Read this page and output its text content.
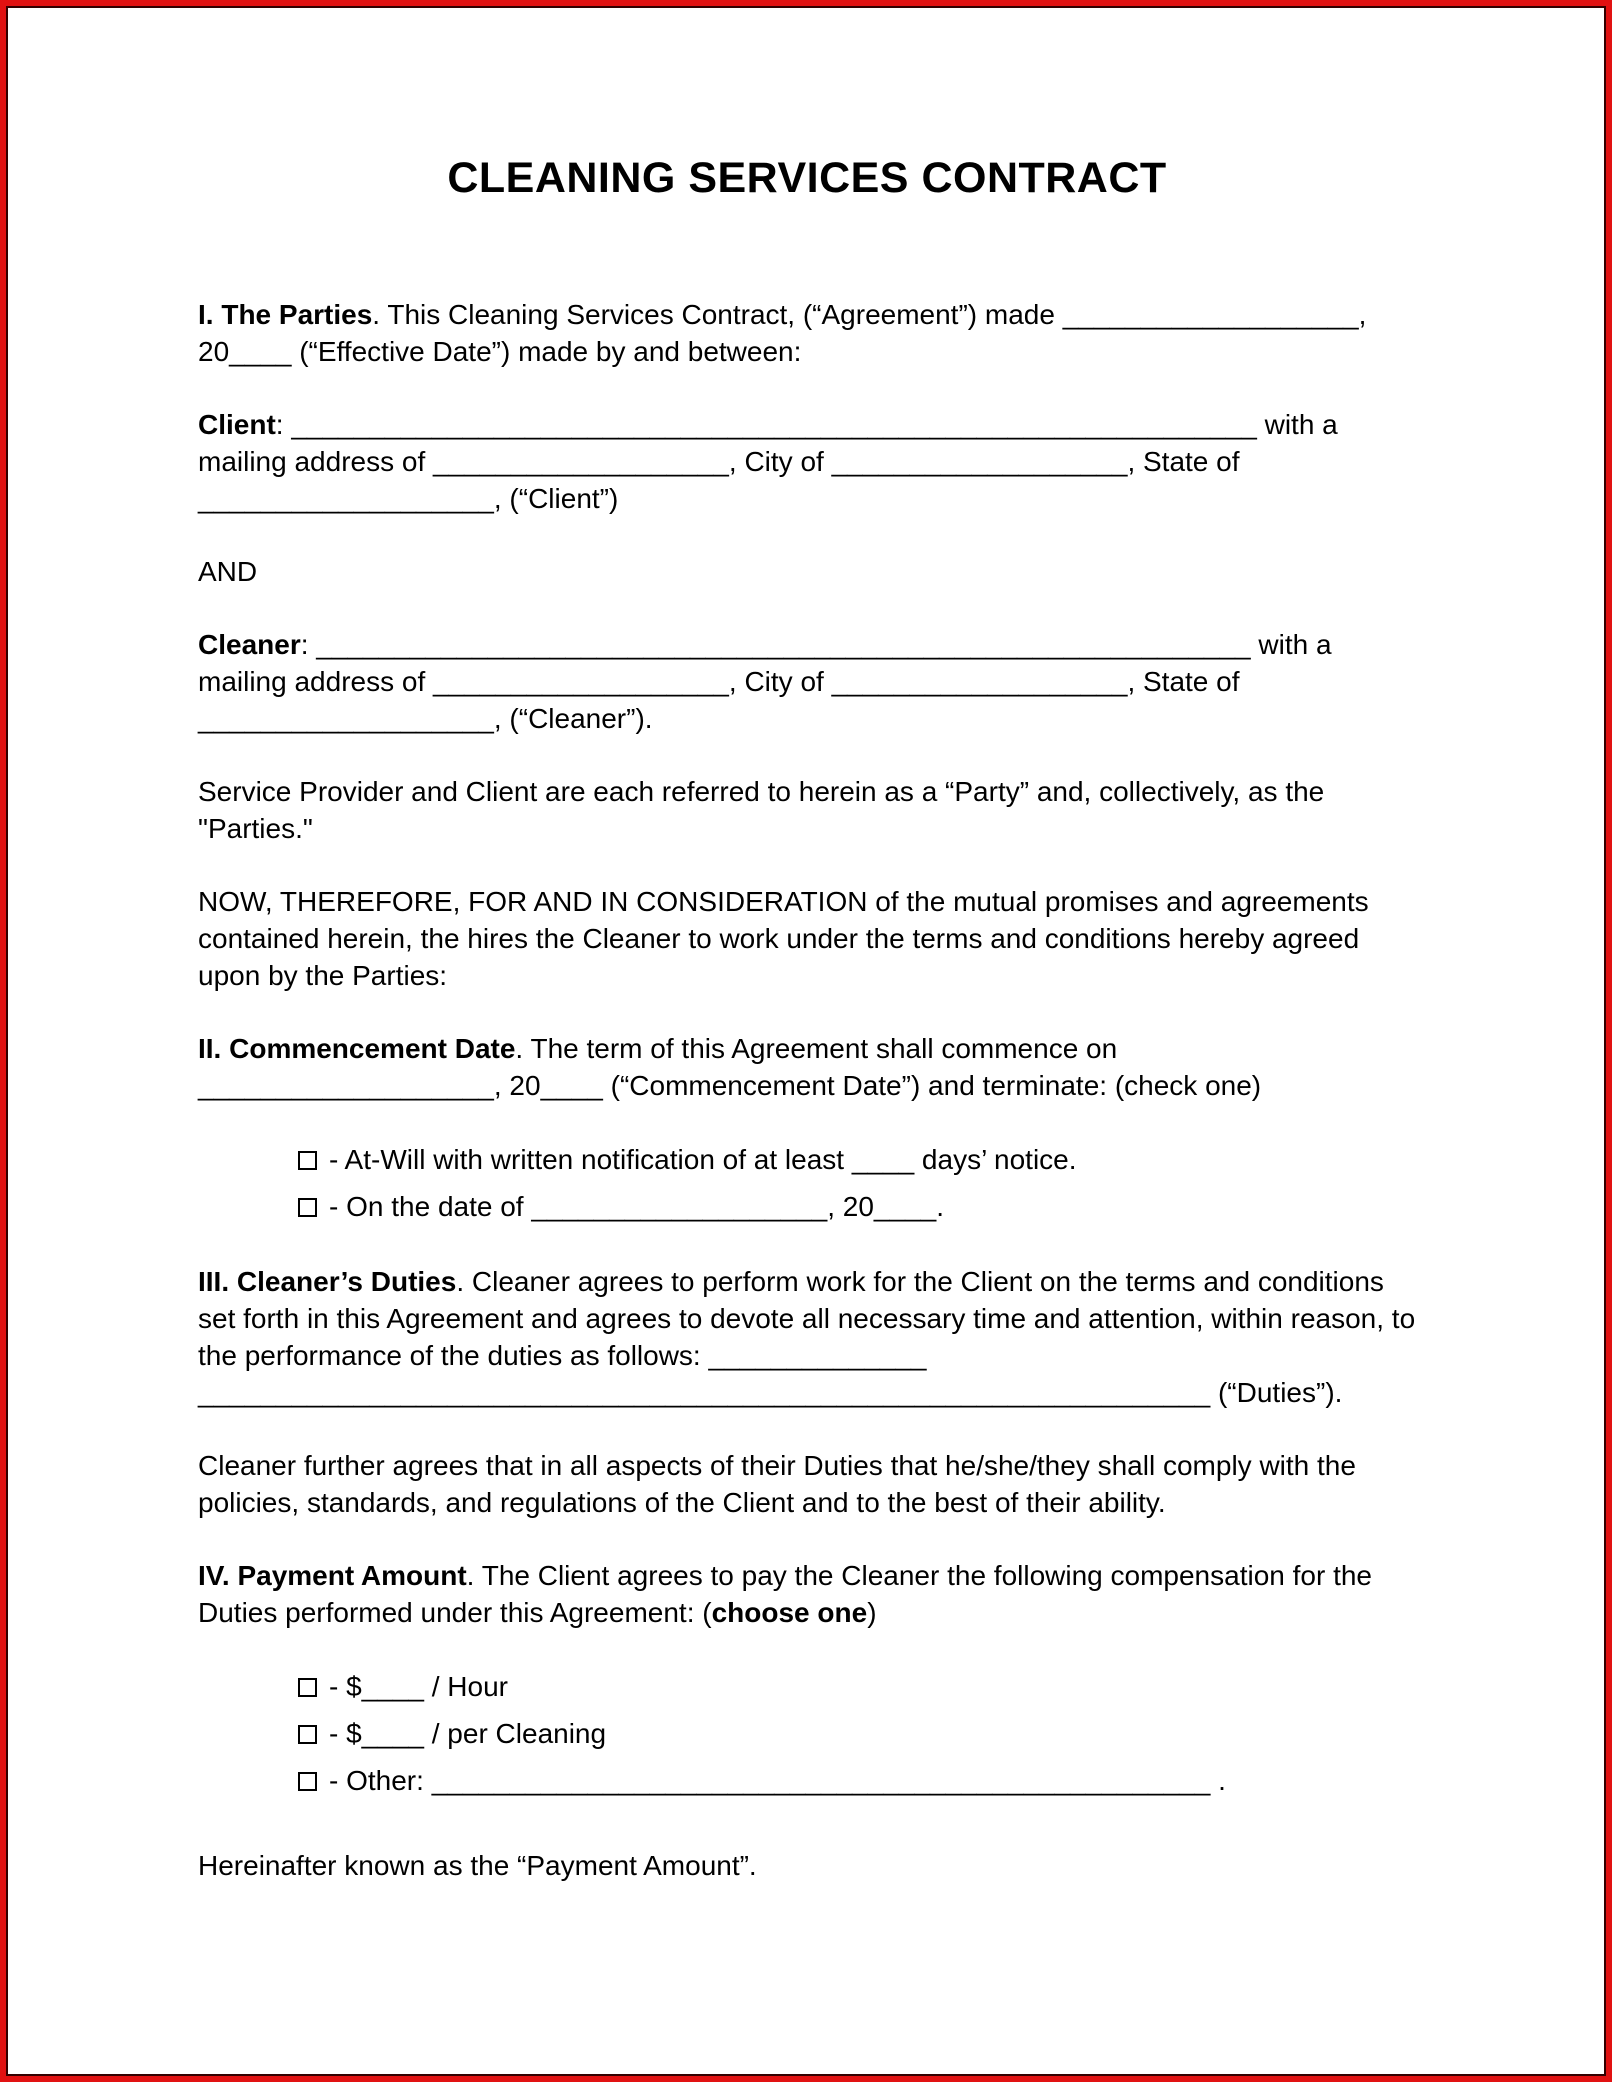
CLEANING SERVICES CONTRACT

I. The Parties. This Cleaning Services Contract, (“Agreement”) made ___________________, 20____ (“Effective Date”) made by and between:

Client: ______________________________________________________________ with a mailing address of ___________________, City of ___________________, State of ___________________, (“Client”)

AND

Cleaner: ____________________________________________________________ with a mailing address of ___________________, City of ___________________, State of ___________________, (“Cleaner”).

Service Provider and Client are each referred to herein as a “Party” and, collectively, as the "Parties."

NOW, THEREFORE, FOR AND IN CONSIDERATION of the mutual promises and agreements contained herein, the hires the Cleaner to work under the terms and conditions hereby agreed upon by the Parties:

II. Commencement Date. The term of this Agreement shall commence on ___________________, 20____ (“Commencement Date”) and terminate: (check one)

- At-Will with written notification of at least ____ days’ notice.
- On the date of ___________________, 20____.

III. Cleaner’s Duties. Cleaner agrees to perform work for the Client on the terms and conditions set forth in this Agreement and agrees to devote all necessary time and attention, within reason, to the performance of the duties as follows: ______________ _________________________________________________________________ (“Duties”).

Cleaner further agrees that in all aspects of their Duties that he/she/they shall comply with the policies, standards, and regulations of the Client and to the best of their ability.

IV. Payment Amount. The Client agrees to pay the Cleaner the following compensation for the Duties performed under this Agreement: (choose one)

- $____ / Hour
- $____ / per Cleaning
- Other: __________________________________________________ .

Hereinafter known as the “Payment Amount”.
